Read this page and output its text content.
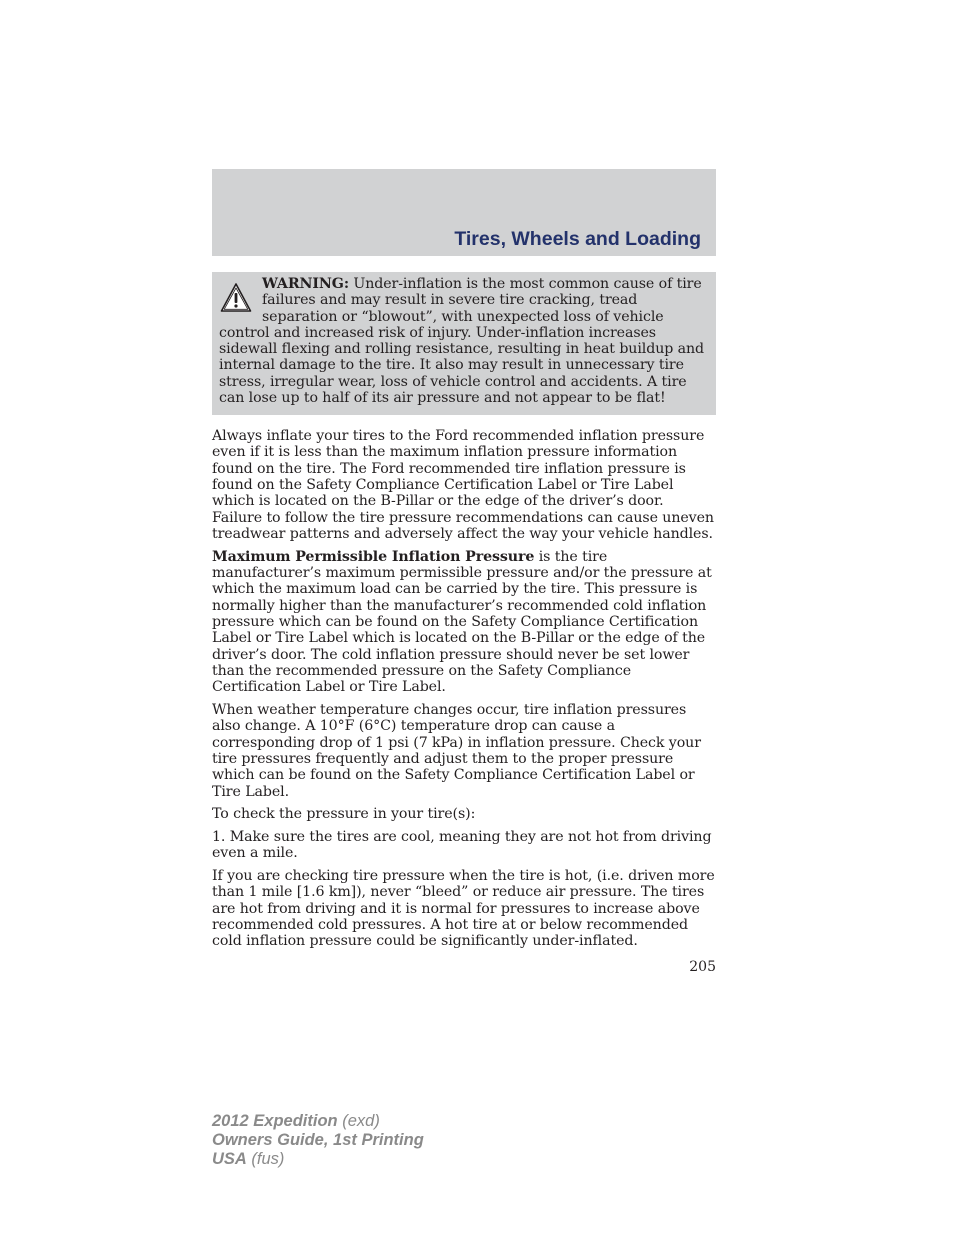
Tires, Wheels and Loading

WARNING: Under-inflation is the most common cause of tire failures and may result in severe tire cracking, tread separation or “blowout”, with unexpected loss of vehicle control and increased risk of injury. Under-inflation increases sidewall flexing and rolling resistance, resulting in heat buildup and internal damage to the tire. It also may result in unnecessary tire stress, irregular wear, loss of vehicle control and accidents. A tire can lose up to half of its air pressure and not appear to be flat!

Always inflate your tires to the Ford recommended inflation pressure even if it is less than the maximum inflation pressure information found on the tire. The Ford recommended tire inflation pressure is found on the Safety Compliance Certification Label or Tire Label which is located on the B-Pillar or the edge of the driver’s door. Failure to follow the tire pressure recommendations can cause uneven treadwear patterns and adversely affect the way your vehicle handles.

Maximum Permissible Inflation Pressure is the tire manufacturer’s maximum permissible pressure and/or the pressure at which the maximum load can be carried by the tire. This pressure is normally higher than the manufacturer’s recommended cold inflation pressure which can be found on the Safety Compliance Certification Label or Tire Label which is located on the B-Pillar or the edge of the driver’s door. The cold inflation pressure should never be set lower than the recommended pressure on the Safety Compliance Certification Label or Tire Label.

When weather temperature changes occur, tire inflation pressures also change. A 10°F (6°C) temperature drop can cause a corresponding drop of 1 psi (7 kPa) in inflation pressure. Check your tire pressures frequently and adjust them to the proper pressure which can be found on the Safety Compliance Certification Label or Tire Label.

To check the pressure in your tire(s):

1. Make sure the tires are cool, meaning they are not hot from driving even a mile.

If you are checking tire pressure when the tire is hot, (i.e. driven more than 1 mile [1.6 km]), never “bleed” or reduce air pressure. The tires are hot from driving and it is normal for pressures to increase above recommended cold pressures. A hot tire at or below recommended cold inflation pressure could be significantly under-inflated.

205
2012 Expedition (exd)
Owners Guide, 1st Printing
USA (fus)
